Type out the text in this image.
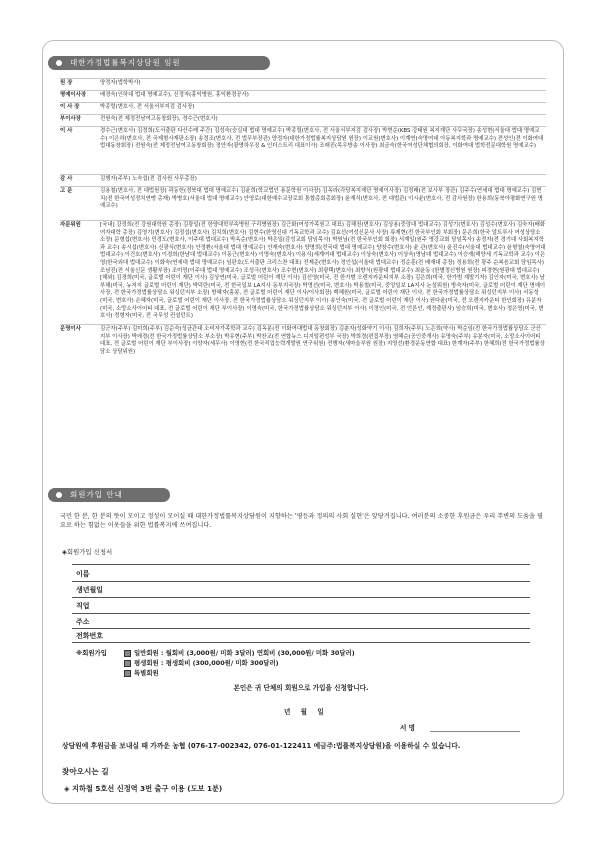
대한가정법률복지상담원 임원
원 장	양정자(법학박사)
명예이사장	배경숙(인하대 법대 명예교수), 신정자(홍익병원, 홍익환경공사)
이 사 장	박종렬(변호사, 전 서울서부지검 검사장)
부이사장	전원숙(전 제정전남여고동창회장), 경수근(변호사)
이 사	경수근(변호사) 김정희(도서출판 다산수레 주간) 김성숙(숭실대 법대 명예교수) 박종렬(변호사, 전 서울서부지검 검사장) 박현순(KBS 강태원 복지재단 사무국장) 송성현(서울대 법대 명예교수) 이은하(변호사, 전 국제형사재판소장) 송정조(변호사, 전 법무부장관) 양정자(대한가정법률복지상담원 원장) 이교원(변호사) 이계연(숙명여대 아동복지학과 명예교수) 전성인(전 이화여대법대동창회장) 전원숙(전 제정전남여고동창회장) 정안자(광명하우징 & 인더스트리 대표이사) 조래진(목우방송 이사장) 최금숙(한국여성단체협의회장, 이화여대 법학전문대학원 명예교수)
감 사	김행자(주부) 노숙섭(전 검사원 사무총장)
고 문	김용철(변호사, 전 대법원장) 곽동헌(경북대 법대 명예교수) 김윤희(학교법인 용문학원 이사장) 김옥라(각당복지재단 명예이사장) 김정래(전 보사부 장관) 김주수(연세대 법대 명예교수) 김현치(전 한국여성정치연맹 총재) 박병호(서울대 법대 명예교수) 안영로(대한예수교장로회 통합총회총회장) 윤재식(변호사, 전 대법관) 이시윤(변호사, 전 감사원장) 한용희(동북아평화연구원 명예교수)
자문위원	[국내] 강정희(전 강원대학원 총장) 김광일(전 한양대학부속병원 구리병원장) 김근화(여성가족원고 대표) 김해천(변호사) 김상용(중앙대 법대교수) 김성기(변호사) 김성수(변호사) 김숙자(배화여자대학 총장) 김영기(변호사) 김정섭(변호사) 김치희(변호사) 김현수(한영신대 기독교학과 교수) 김효선(여성신문사 사장) 류제현(전 한국부인회 부회장) 문은희(한국 알트루사 여성상담소 소장) 문형섭(변호사) 민경도(변호사, 이주대 법대교수) 박옥순(변호사) 박은일(감성교회 담임목사) 박원님(전 한국부인회 회장) 서재일(원주 명강교회 담임목사) 송정자(전 경기대 사회복지학과 교수) 송시섭(변호사) 신광식(변호사) 안정환(서울대 법대 명예교수) 안재숙(변호사) 양명희(전국대 법대 명예교수) 양창수(변호사) 윤 관(변호사) 윤진수(서울대 법대교수) 윤형열(숙명여대 법대교수) 이건호(변호사) 이경희(한남대 법대교수) 이동근(변호사) 이명숙(변호사) 이용식(세계여대 법대교수) 이상숙(변호사) 이상욱(영남대 법대교수) 이승재(해양세 기독교학과 교수) 이은영(한국외대 법대교수) 이화숙(연세대 법대 명예교수) 임판호(도서출판 크리스찬 대표) 전제준(변호사) 정인섭(서울대 법대교수) 정순훈(전 배재대 총장) 정용희(전 광주 순복음교회 담임목사) 조남진(전 서울신문 생활부장) 조미영(이주대 법대 명예교수) 조성극(변호사) 조수현(변호사) 최광택(변호사) 최향식(원광대 법대교수) 최윤동 (한별정신병원 원장) 피경현(원광대 법대교수) [해외] 김경희(미국, 글로벌 어린이 재단 이사) 김상연(미국, 글로벌 어린이 재단 이사) 김선영(미국, 전 한가범 오렌지카운티지부 소장) 김은희(미국, 한가범 재발기자) 김인자(미국, 변호사) 남부해(미국, 뉴저지 글로벌 어린이 재단) 박덕란(미국, 전 한국일보 LA지사 동부지국장) 박영선(미국, 변호사) 박용철(미국, 중앙일보 LA지사 논설위원) 방숙자(미국, 글로벌 어린이 재단 명예이사장, 전 한국가정법률상담소 워싱턴지부 소장) 방혜자(홍콩, 전 글로벌 어린이 재단 이사/이사회장) 백혜원(미국, 글로벌 어린이 재단 이사, 전 한국가정법률상담소 워싱턴지부 이사) 서동성(미국, 변호사) 손혜자(미국, 글로벌 어린이 재단 이사장, 전 한국가정법률상담소 워싱턴지부 이사) 송인숙(미국, 전 글로벌 어린이 재단 이사) 원다윤(미국, 전 오렌지카운티 한인회장) 유분자(미국, 소망소사이어티 대표, 전 글로벌 어린이 재단 부이사장) 이명숙(미국, 한국가정법률상담소 워싱턴지부 이사) 이정인(미국, 전 언론인, 재정출판사) 임승희(미국, 변호사) 정은영(미국, 변호사) 정형자(미국, 전 국무성 컨설턴트)
운영이사	김군자(주부) 김미희(주부) 김순숙(성균관대 소비자가족학과 교수) 김옥분(전 이화여대법대 동창회장) 김춘자(성화약기 이사) 김희자(주부) 노은희(약사) 박순임(전 한국가정법률상담소 군산지부 이사장) 박애경(전 한국가정법률상담소 부소장) 박유현(주부) 박찬교(전 연합뉴스 디지털편성부 국장) 박희경(편집부장) 염혜순(공인중개사) 유명숙(주부) 유분자(미국, 소망소사이어티 대표, 전 글로벌 어린이 재단 부이사장) 이양자(세무사) 이영현(전 한국직업능력개발원 연구위원) 전행자(새마을부원 원장) 지영선(환경운동연합 대표) 한계자(주부) 한혜희(전 한국가정법률상담소 상담위원)
회원가입 안내
국민 한 분, 한 분의 뜻이 모이고 정성이 모이실 때 대한가정법률복지상담원이 지향하는 '평등과 정의의 사회 실현'은 앞당겨집니다. 여러분의 소중한 후원금은 우리 주변의 도움을 필요로 하는 힘없는 이웃들을 위한 법률복지에 쓰여집니다.
◈회원가입 신청서
이름
생년월일
직업
주소
전화번호
※회원가입	일반회원 : 월회비 (3,000원/ 미화 3달러) 연회비 (30,000원/ 미화 30달러)
평생회원 : 평생회비 (300,000원/ 미화 300달러)
특별회원
본인은 귀 단체의 회원으로 가입을 신청합니다.
년 월 일
서 명
상담원에 후원금을 보내실 때 가까운 농협 (076-17-002342, 076-01-122411 예금주:법률복지상담원)을 이용하실 수 있습니다.
찾아오시는 길
◈ 지하철 5호선 신정역 3번 출구 이용 (도보 1분)
